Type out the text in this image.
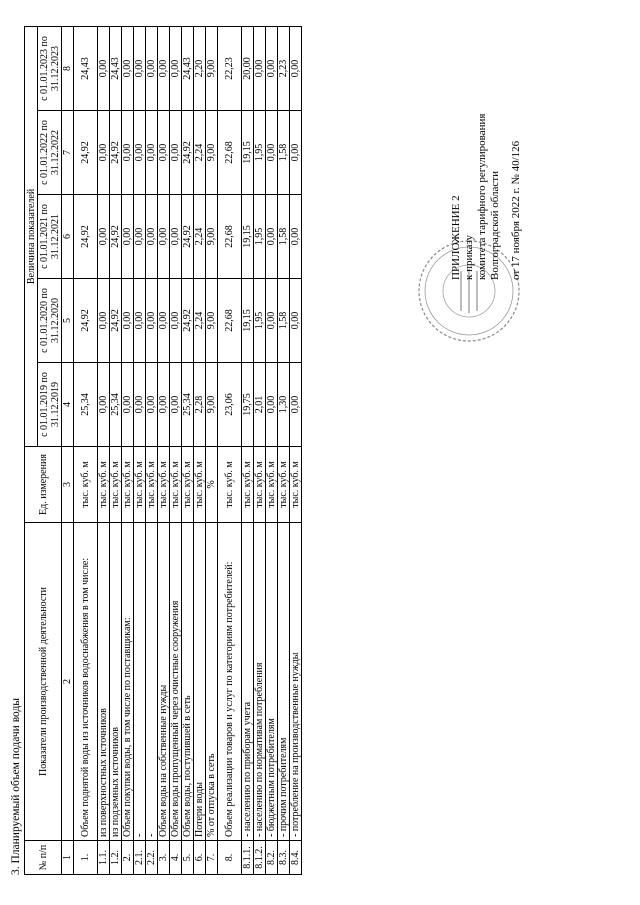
ПРИЛОЖЕНИЕ 2 к приказу комитета тарифного регулирования Волгоградской области от 17 ноября 2022 г. № 40/126
3. Планируемый объем подачи воды № п/п	Показатели производственной деятельности	Ед. измерения	Величина показателей				
			с 01.01.2019 по 31.12.2019	с 01.01.2020 по 31.12.2020	с 01.01.2021 по 31.12.2021	с 01.01.2022 по 31.12.2022	с 01.01.2023 по 31.12.2023
1	2	3	4	5	6	7	8
1.	Объем поднятой воды из источников водоснабжения в том числе:	тыс. куб. м	25,34	24,92	24,92	24,92	24,43
1.1.	из поверхностных источников	тыс. куб. м	0,00	0,00	0,00	0,00	0,00
1.2.	из подземных источников	тыс. куб. м	25,34	24,92	24,92	24,92	24,43
2.	Объем покупки воды, в том числе по поставщикам:	тыс. куб. м	0,00	0,00	0,00	0,00	0,00
2.1.	-	тыс. куб. м	0,00	0,00	0,00	0,00	0,00
2.2.	-	тыс. куб. м	0,00	0,00	0,00	0,00	0,00
3.	Объем воды на собственные нужды	тыс. куб. м	0,00	0,00	0,00	0,00	0,00
4.	Объем воды пропущенный через очистные сооружения	тыс. куб. м	0,00	0,00	0,00	0,00	0,00
5.	Объем воды, поступившей в сеть	тыс. куб. м	25,34	24,92	24,92	24,92	24,43
6.	Потери воды	тыс. куб. м	2,28	2,24	2,24	2,24	2,20
7.	% от отпуска в сеть	%	9,00	9,00	9,00	9,00	9,00
8.	Объем реализации товаров и услуг по категориям потребителей:	тыс. куб. м	23,06	22,68	22,68	22,68	22,23
8.1.1.	- населению по приборам учета	тыс. куб. м	19,75	19,15	19,15	19,15	20,00
8.1.2.	- населению по нормативам потребления	тыс. куб. м	2,01	1,95	1,95	1,95	0,00
8.2.	- бюджетным потребителям	тыс. куб. м	0,00	0,00	0,00	0,00	0,00
8.3.	- прочим потребителям	тыс. куб. м	1,30	1,58	1,58	1,58	2,23
8.4.	- потребление на производственные нужды	тыс. куб. м	0,00	0,00	0,00	0,00	0,00
